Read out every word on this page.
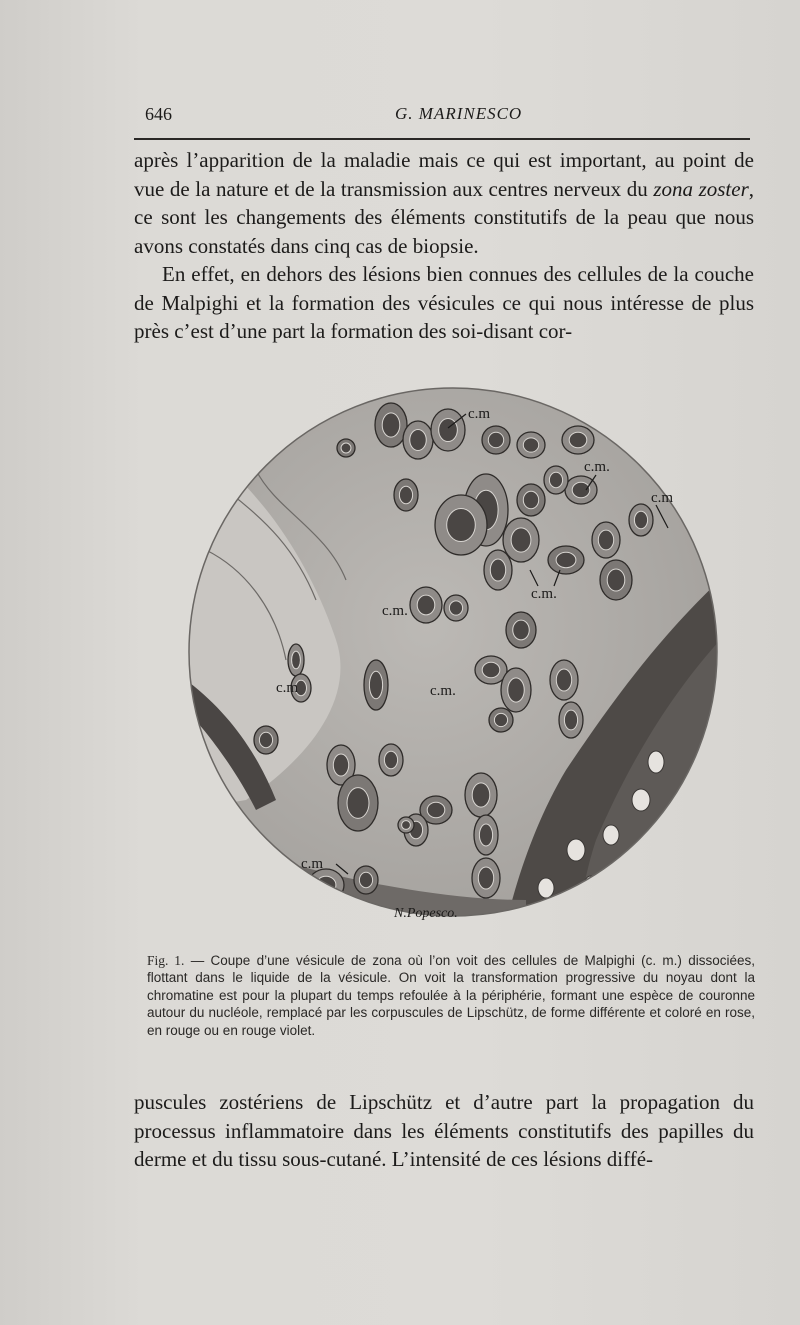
646	G. MARINESCO

après l’apparition de la maladie mais ce qui est important, au point de vue de la nature et de la transmission aux centres nerveux du zona zoster, ce sont les changements des éléments constitutifs de la peau que nous avons constatés dans cinq cas de biopsie.

En effet, en dehors des lésions bien connues des cellules de la couche de Malpighi et la formation des vésicules ce qui nous intéresse de plus près c’est d’une part la formation des soi-disant cor-

c.m
c.m.
c.m
c.m.
c.m.
c.m	c.m.
c.m
N.Popesco.
Fig. 1. — Coupe d’une vésicule de zona où l’on voit des cellules de Malpighi (c. m.) dissociées, flottant dans le liquide de la vésicule. On voit la transformation progressive du noyau dont la chromatine est pour la plupart du temps refoulée à la périphérie, formant une espèce de couronne autour du nucléole, remplacé par les corpuscules de Lipschütz, de forme différente et coloré en rose, en rouge ou en rouge violet.

puscules zostériens de Lipschütz et d’autre part la propagation du processus inflammatoire dans les éléments constitutifs des papilles du derme et du tissu sous-cutané. L’intensité de ces lésions diffé-
